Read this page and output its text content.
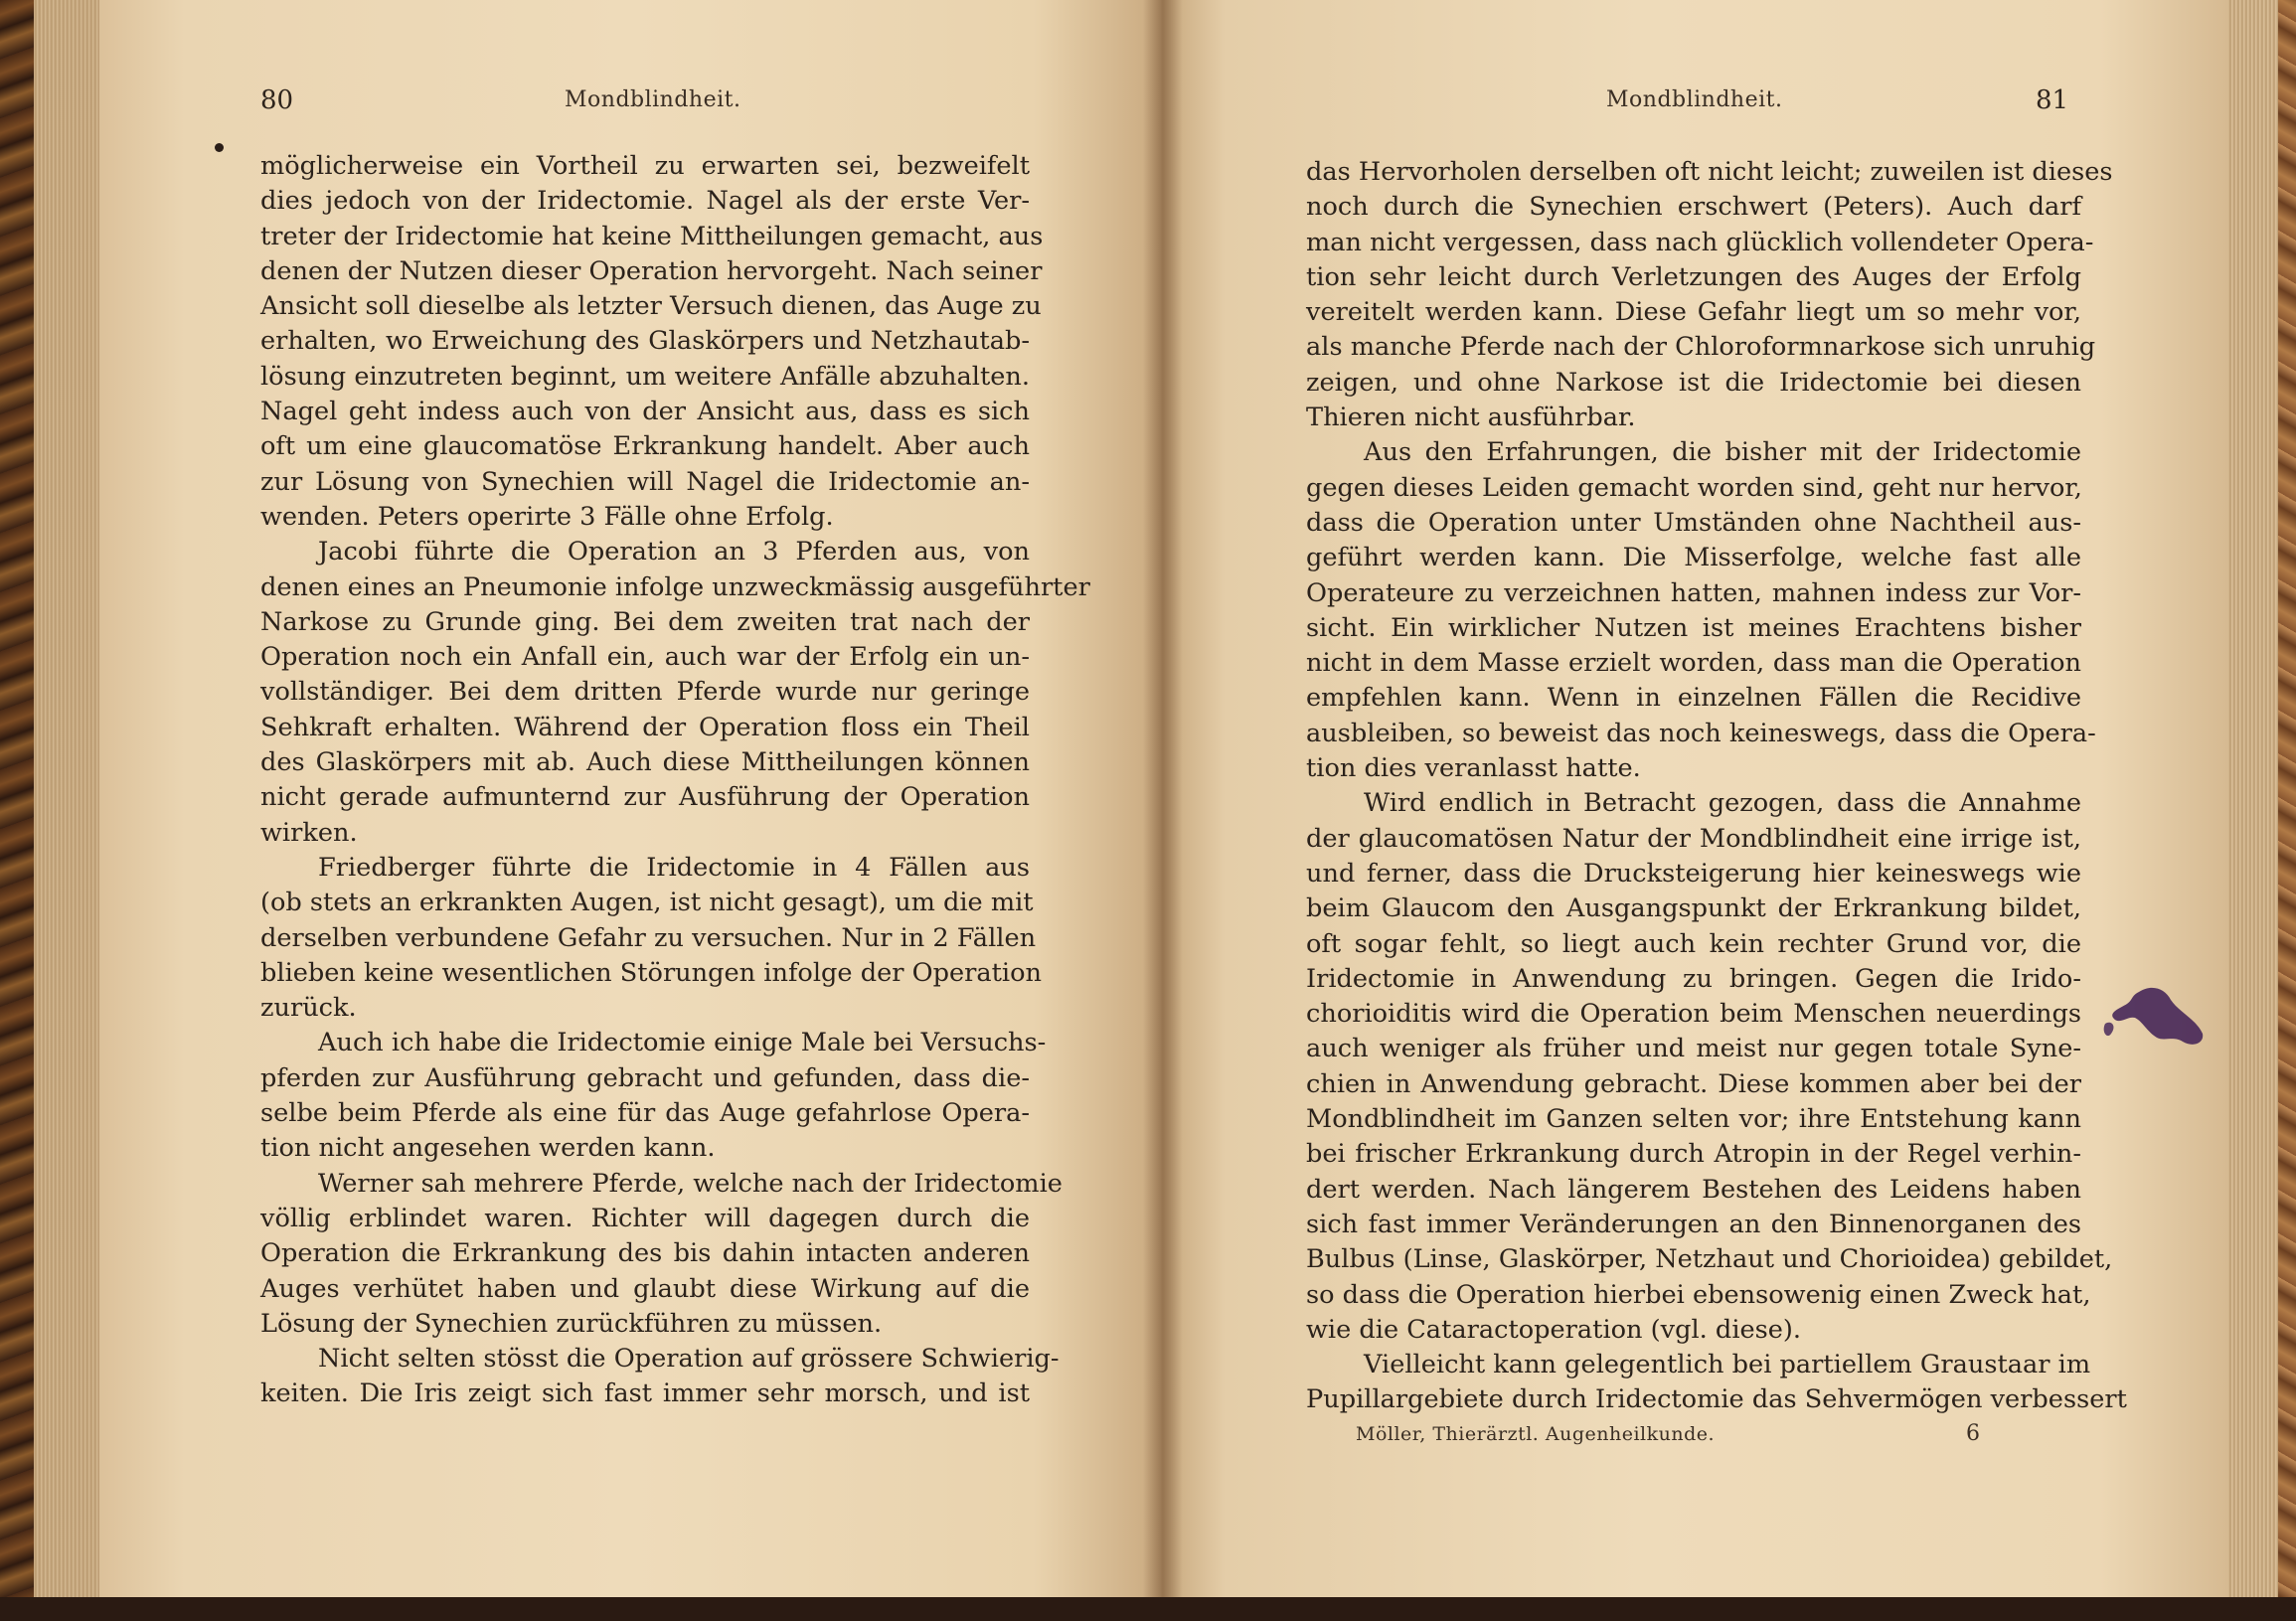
80	Mondblindheit.	Mondblindheit.	81
möglicherweise ein Vortheil zu erwarten sei, bezweifelt
dies jedoch von der Iridectomie. Nagel als der erste Ver-
treter der Iridectomie hat keine Mittheilungen gemacht, aus
denen der Nutzen dieser Operation hervorgeht. Nach seiner
Ansicht soll dieselbe als letzter Versuch dienen, das Auge zu
erhalten, wo Erweichung des Glaskörpers und Netzhautab-
lösung einzutreten beginnt, um weitere Anfälle abzuhalten.
Nagel geht indess auch von der Ansicht aus, dass es sich
oft um eine glaucomatöse Erkrankung handelt. Aber auch
zur Lösung von Synechien will Nagel die Iridectomie an-
wenden. Peters operirte 3 Fälle ohne Erfolg.
Jacobi führte die Operation an 3 Pferden aus, von
denen eines an Pneumonie infolge unzweckmässig ausgeführter
Narkose zu Grunde ging. Bei dem zweiten trat nach der
Operation noch ein Anfall ein, auch war der Erfolg ein un-
vollständiger. Bei dem dritten Pferde wurde nur geringe
Sehkraft erhalten. Während der Operation floss ein Theil
des Glaskörpers mit ab. Auch diese Mittheilungen können
nicht gerade aufmunternd zur Ausführung der Operation
wirken.
Friedberger führte die Iridectomie in 4 Fällen aus
(ob stets an erkrankten Augen, ist nicht gesagt), um die mit
derselben verbundene Gefahr zu versuchen. Nur in 2 Fällen
blieben keine wesentlichen Störungen infolge der Operation
zurück.
Auch ich habe die Iridectomie einige Male bei Versuchs-
pferden zur Ausführung gebracht und gefunden, dass die-
selbe beim Pferde als eine für das Auge gefahrlose Opera-
tion nicht angesehen werden kann.
Werner sah mehrere Pferde, welche nach der Iridectomie
völlig erblindet waren. Richter will dagegen durch die
Operation die Erkrankung des bis dahin intacten anderen
Auges verhütet haben und glaubt diese Wirkung auf die
Lösung der Synechien zurückführen zu müssen.
Nicht selten stösst die Operation auf grössere Schwierig-
keiten. Die Iris zeigt sich fast immer sehr morsch, und ist
das Hervorholen derselben oft nicht leicht; zuweilen ist dieses
noch durch die Synechien erschwert (Peters). Auch darf
man nicht vergessen, dass nach glücklich vollendeter Opera-
tion sehr leicht durch Verletzungen des Auges der Erfolg
vereitelt werden kann. Diese Gefahr liegt um so mehr vor,
als manche Pferde nach der Chloroformnarkose sich unruhig
zeigen, und ohne Narkose ist die Iridectomie bei diesen
Thieren nicht ausführbar.
Aus den Erfahrungen, die bisher mit der Iridectomie
gegen dieses Leiden gemacht worden sind, geht nur hervor,
dass die Operation unter Umständen ohne Nachtheil aus-
geführt werden kann. Die Misserfolge, welche fast alle
Operateure zu verzeichnen hatten, mahnen indess zur Vor-
sicht. Ein wirklicher Nutzen ist meines Erachtens bisher
nicht in dem Masse erzielt worden, dass man die Operation
empfehlen kann. Wenn in einzelnen Fällen die Recidive
ausbleiben, so beweist das noch keineswegs, dass die Opera-
tion dies veranlasst hatte.
Wird endlich in Betracht gezogen, dass die Annahme
der glaucomatösen Natur der Mondblindheit eine irrige ist,
und ferner, dass die Drucksteigerung hier keineswegs wie
beim Glaucom den Ausgangspunkt der Erkrankung bildet,
oft sogar fehlt, so liegt auch kein rechter Grund vor, die
Iridectomie in Anwendung zu bringen. Gegen die Irido-
chorioiditis wird die Operation beim Menschen neuerdings
auch weniger als früher und meist nur gegen totale Syne-
chien in Anwendung gebracht. Diese kommen aber bei der
Mondblindheit im Ganzen selten vor; ihre Entstehung kann
bei frischer Erkrankung durch Atropin in der Regel verhin-
dert werden. Nach längerem Bestehen des Leidens haben
sich fast immer Veränderungen an den Binnenorganen des
Bulbus (Linse, Glaskörper, Netzhaut und Chorioidea) gebildet,
so dass die Operation hierbei ebensowenig einen Zweck hat,
wie die Cataractoperation (vgl. diese).
Vielleicht kann gelegentlich bei partiellem Graustaar im
Pupillargebiete durch Iridectomie das Sehvermögen verbessert
Möller, Thierärztl. Augenheilkunde.	6
